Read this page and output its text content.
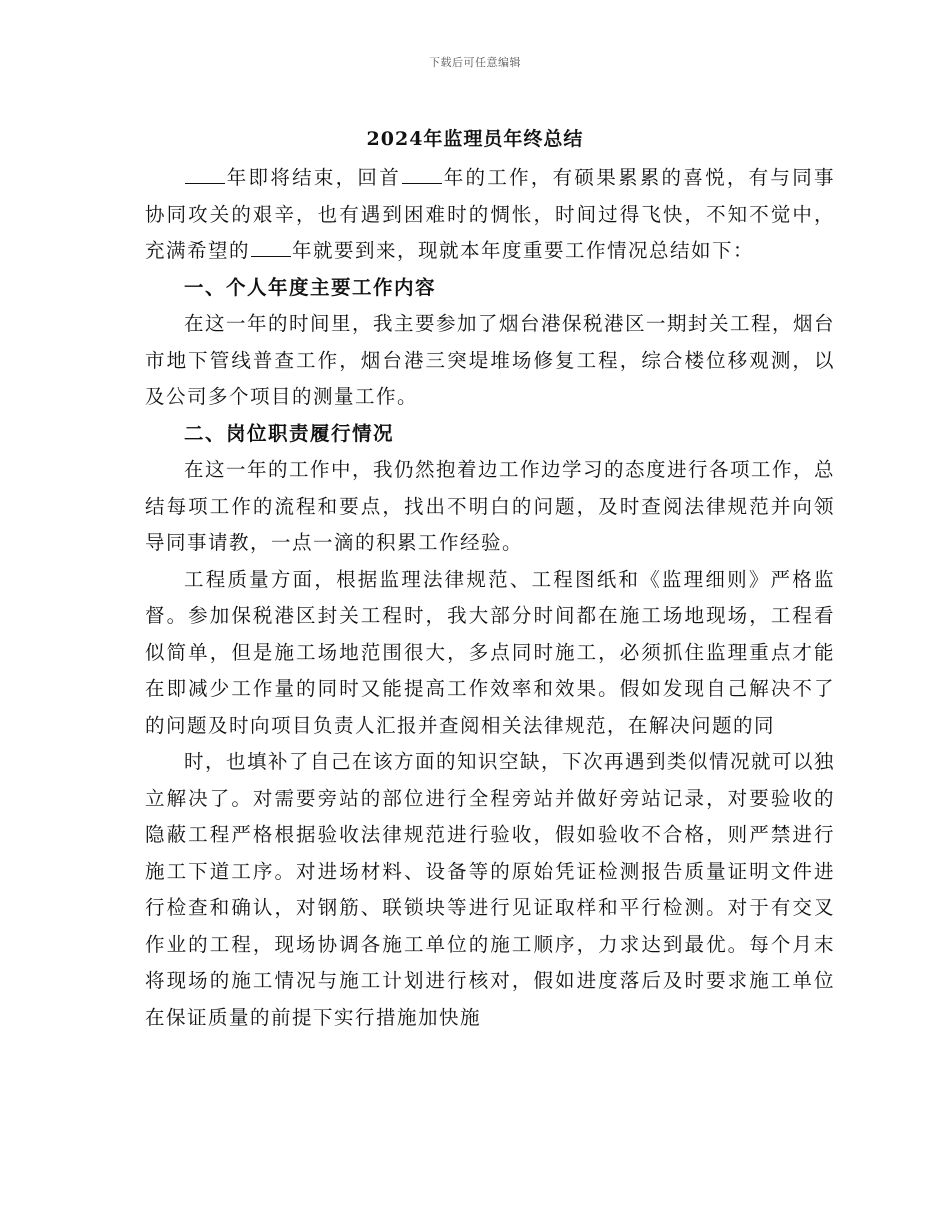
下载后可任意编辑
2024年监理员年终总结

年即将结束，回首 年的工作，有硕果累累的喜悦，有与同事协同攻关的艰辛，也有遇到困难时的惆怅，时间过得飞快，不知不觉中，充满希望的 年就要到来，现就本年度重要工作情况总结如下：

一、个人年度主要工作内容

在这一年的时间里，我主要参加了烟台港保税港区一期封关工程，烟台市地下管线普查工作，烟台港三突堤堆场修复工程，综合楼位移观测，以及公司多个项目的测量工作。

二、岗位职责履行情况

在这一年的工作中，我仍然抱着边工作边学习的态度进行各项工作，总结每项工作的流程和要点，找出不明白的问题，及时查阅法律规范并向领导同事请教，一点一滴的积累工作经验。

工程质量方面，根据监理法律规范、工程图纸和《监理细则》严格监督。参加保税港区封关工程时，我大部分时间都在施工场地现场，工程看似简单，但是施工场地范围很大，多点同时施工，必须抓住监理重点才能在即减少工作量的同时又能提高工作效率和效果。假如发现自己解决不了的问题及时向项目负责人汇报并查阅相关法律规范，在解决问题的同

时，也填补了自己在该方面的知识空缺，下次再遇到类似情况就可以独立解决了。对需要旁站的部位进行全程旁站并做好旁站记录，对要验收的隐蔽工程严格根据验收法律规范进行验收，假如验收不合格，则严禁进行施工下道工序。对进场材料、设备等的原始凭证检测报告质量证明文件进行检查和确认，对钢筋、联锁块等进行见证取样和平行检测。对于有交叉作业的工程，现场协调各施工单位的施工顺序，力求达到最优。每个月末将现场的施工情况与施工计划进行核对，假如进度落后及时要求施工单位在保证质量的前提下实行措施加快施
